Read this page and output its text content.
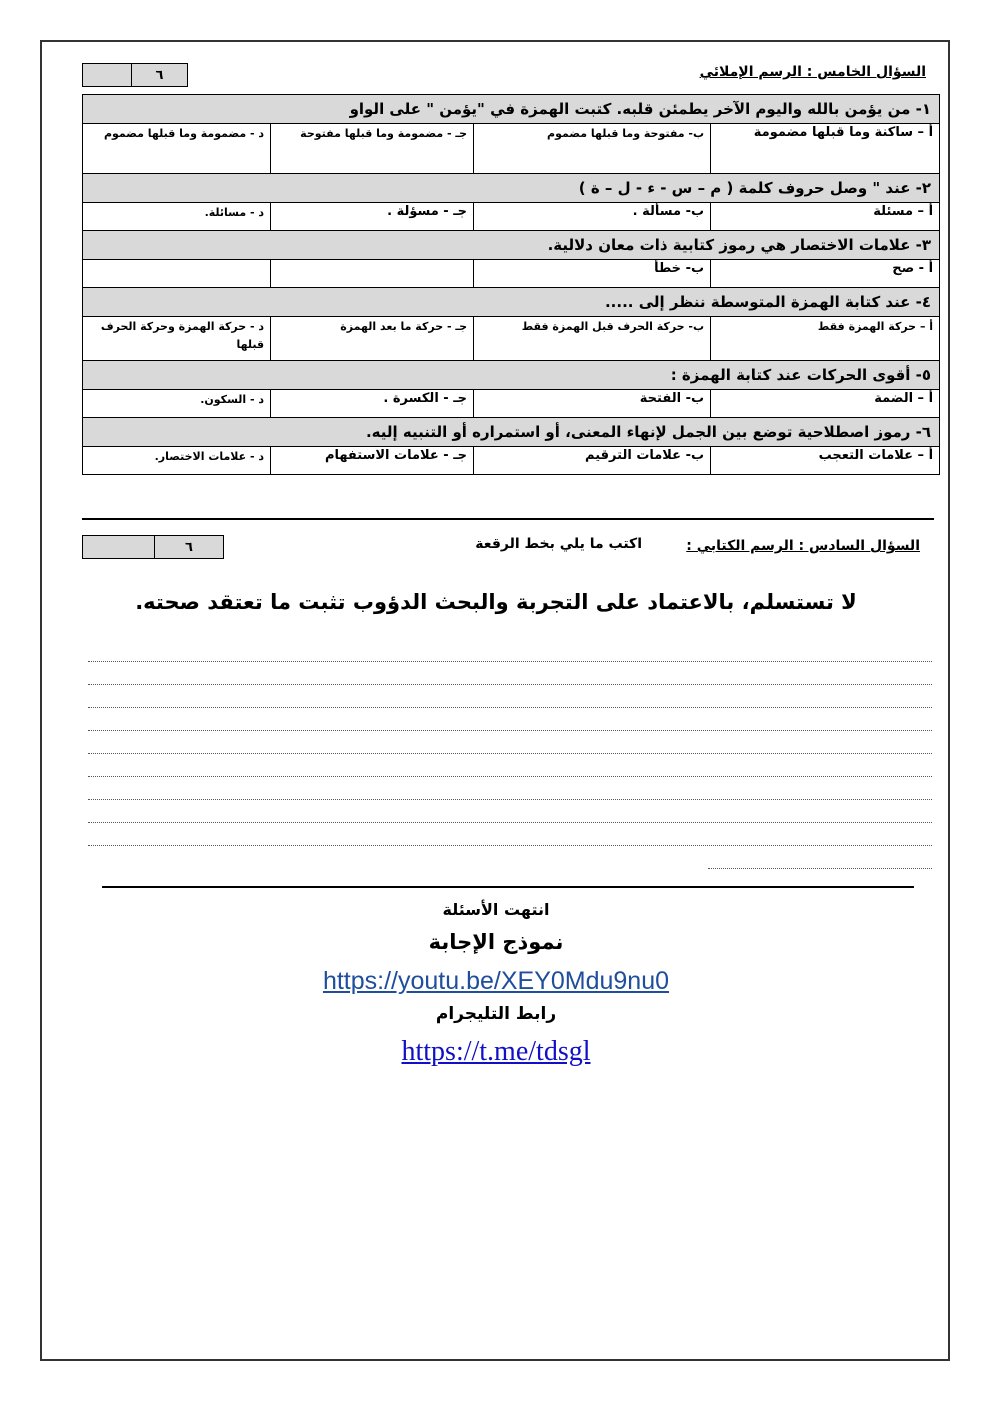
السؤال الخامس : الرسم الإملائي
٦
١- من يؤمن بالله واليوم الآخر يطمئن قلبه. كتبت الهمزة في "يؤمن " على الواو			
أ – ساكنة وما قبلها مضمومة	ب- مفتوحة وما قبلها مضموم	جـ - مضمومة وما قبلها مفتوحة	د - مضمومة وما قبلها مضموم
٢- عند " وصل حروف كلمة ( م – س - ء - ل – ة )			
أ – مسئلة	ب- مسألة .	جـ - مسؤلة .	د - مسائلة.
٣- علامات الاختصار هي رموز كتابية ذات معان دلالية.			
أ - صح	ب- خطأ		
٤- عند كتابة الهمزة المتوسطة ننظر إلى .....			
أ – حركة الهمزة فقط	ب- حركة الحرف قبل الهمزة فقط	جـ - حركة ما بعد الهمزة	د - حركة الهمزة وحركة الحرف قبلها
٥- أقوى الحركات عند كتابة الهمزة :			
أ – الضمة	ب- الفتحة	جـ - الكسرة .	د - السكون.
٦- رموز اصطلاحية توضع بين الجمل لإنهاء المعنى، أو استمراره أو التنبيه إليه.			
أ – علامات التعجب	ب- علامات الترقيم	جـ - علامات الاستفهام	د - علامات الاختصار.
السؤال السادس : الرسم الكتابي :
اكتب ما يلي بخط الرقعة
٦
لا تستسلم، بالاعتماد على التجربة والبحث الدؤوب تثبت ما تعتقد صحته.
انتهت الأسئلة
نموذج الإجابة
https://youtu.be/XEY0Mdu9nu0
رابط التليجرام
https://t.me/tdsgl
